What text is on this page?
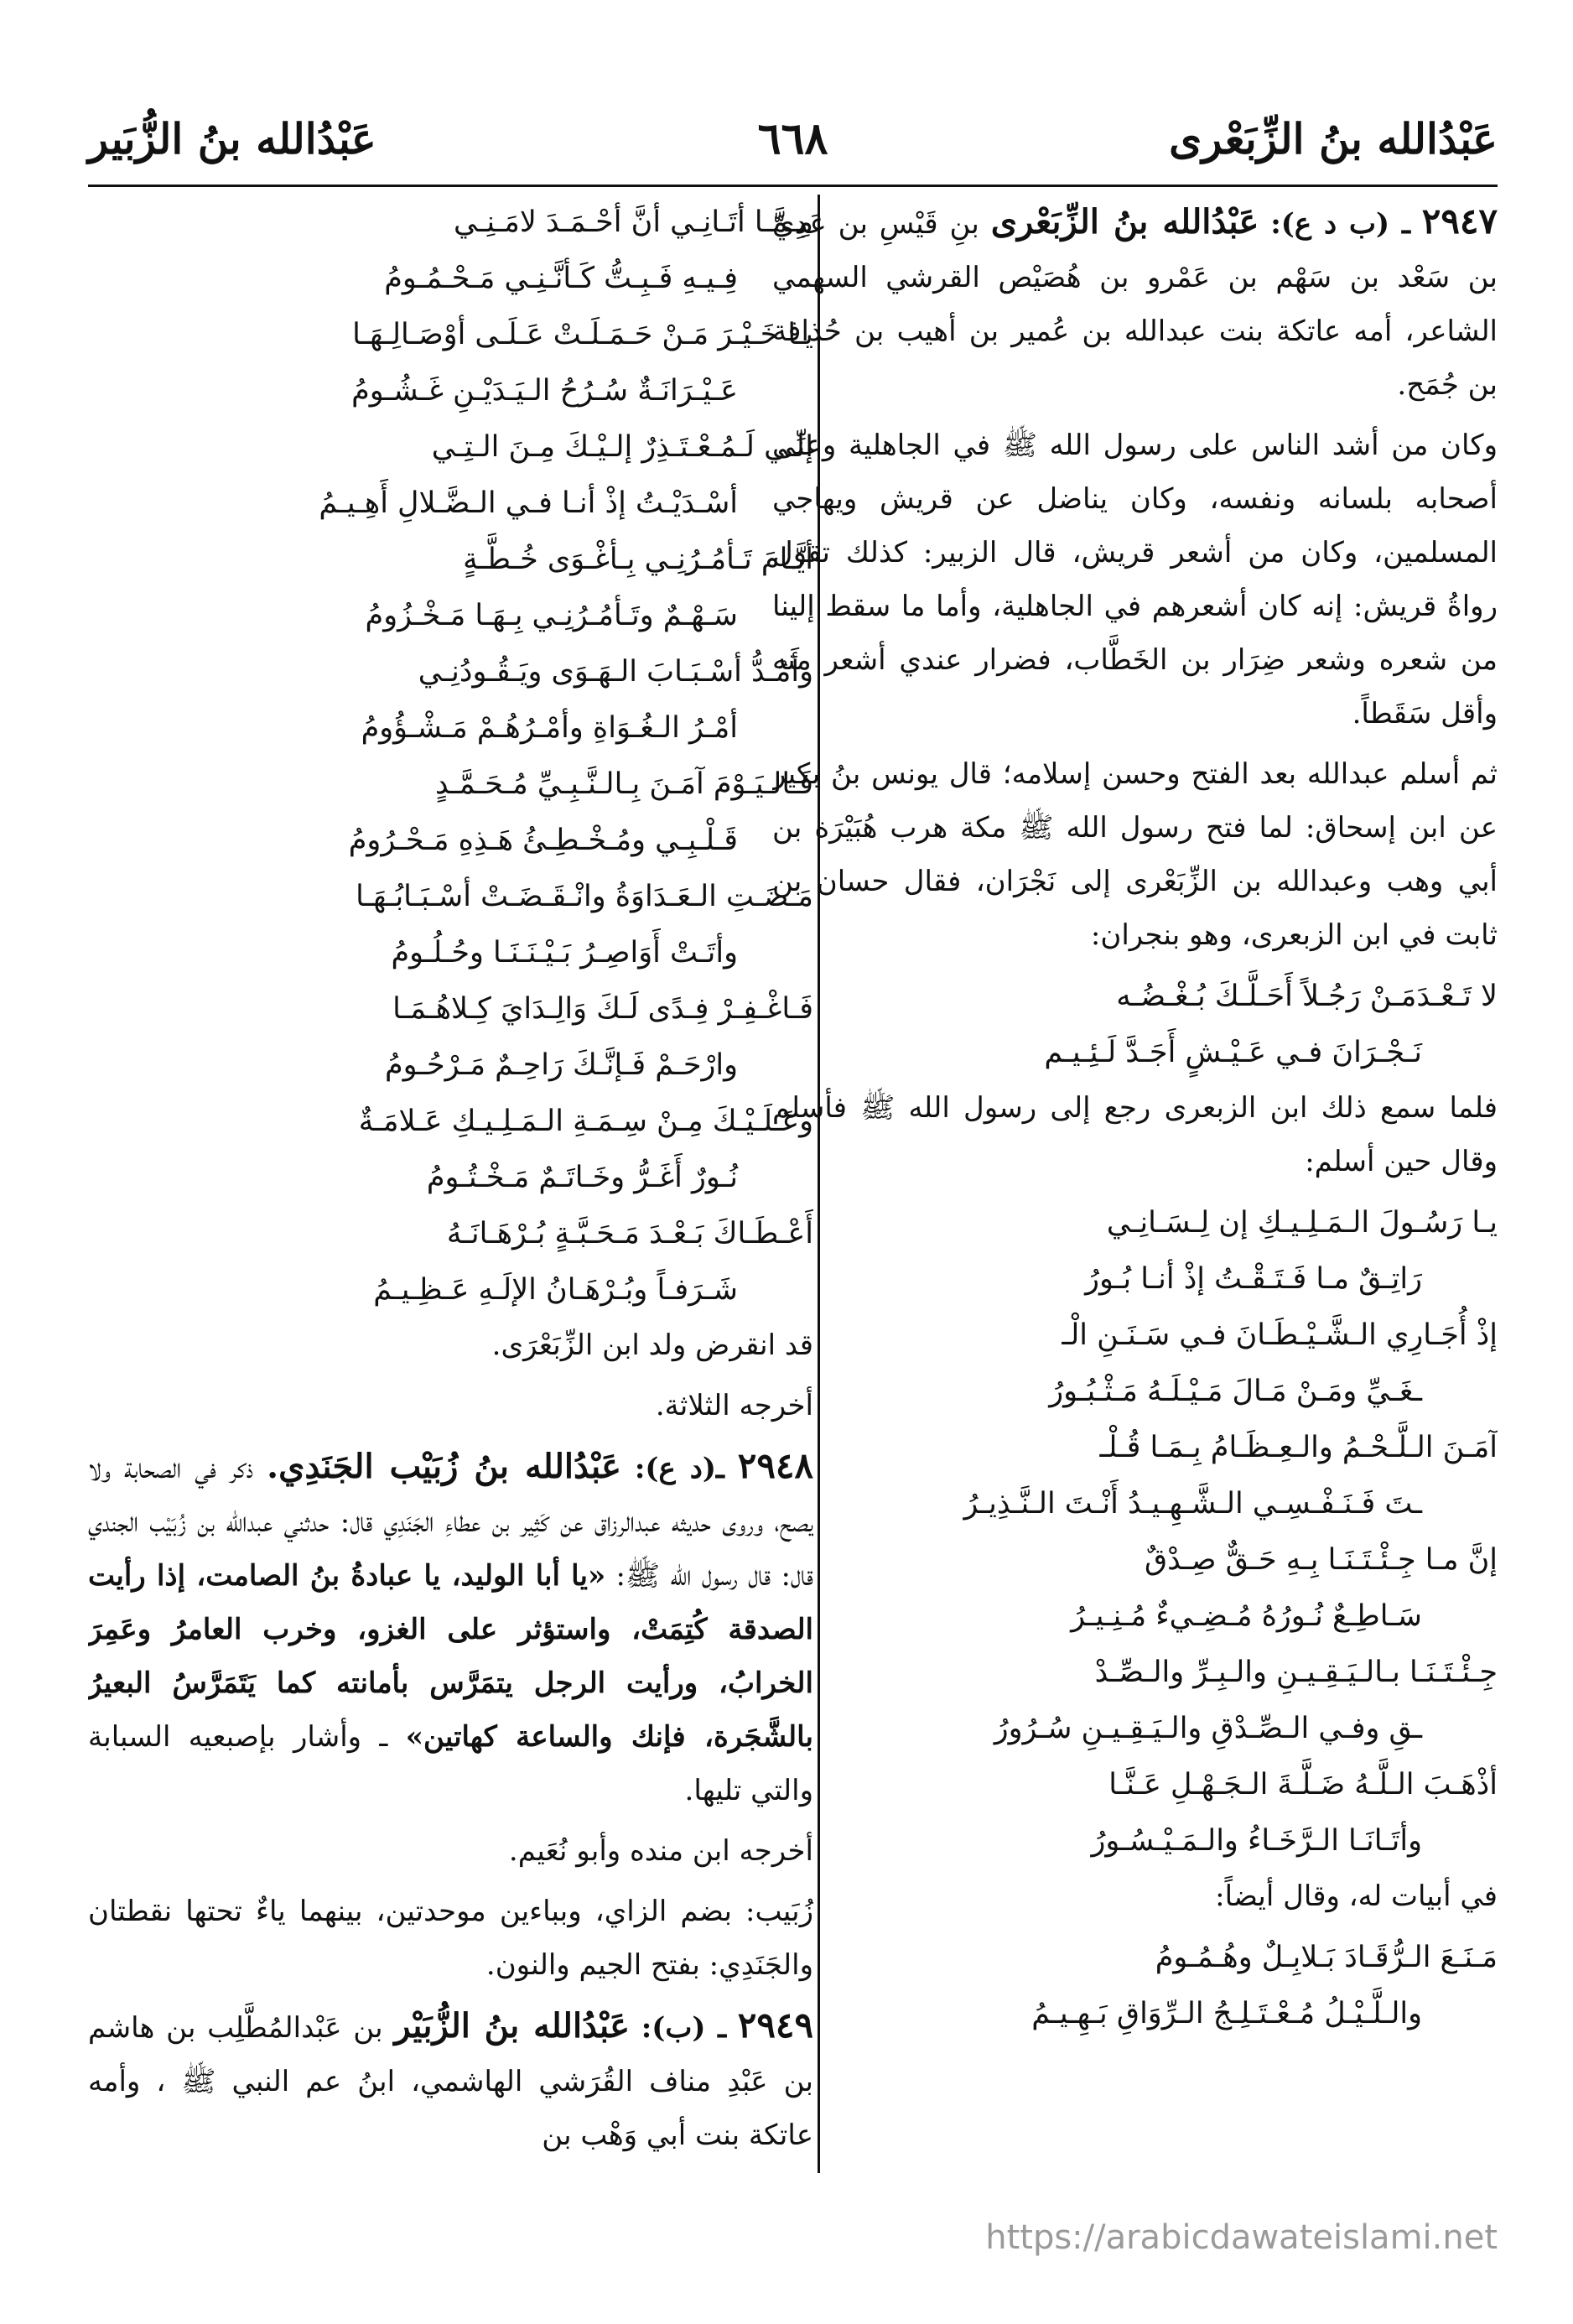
عَبْدُالله بنُ الزِّبَعْرى
٦٦٨
عَبْدُالله بنُ الزُّبَير

٢٩٤٧ ـ (ب د ع): عَبْدُالله بنُ الزِّبَعْرى بنِ قَيْسِ بن عَدِيّ بن سَعْد بن سَهْم بن عَمْرو بن هُصَيْص القرشي السهمي الشاعر، أمه عاتكة بنت عبدالله بن عُمير بن أهيب بن حُذافة بن جُمَح.

وكان من أشد الناس على رسول الله ﷺ في الجاهلية وعلى أصحابه بلسانه ونفسه، وكان يناضل عن قريش ويهاجي المسلمين، وكان من أشعر قريش، قال الزبير: كذلك تقول رواةُ قريش: إنه كان أشعرهم في الجاهلية، وأما ما سقط إلينا من شعره وشعر ضِرَار بن الخَطَّاب، فضرار عندي أشعر منه وأقل سَقَطاً.

ثم أسلم عبدالله بعد الفتح وحسن إسلامه؛ قال يونس بنُ بكير عن ابن إسحاق: لما فتح رسول الله ﷺ مكة هرب هُبَيْرَة بن أبي وهب وعبدالله بن الزِّبَعْرى إلى نَجْرَان، فقال حسان بن ثابت في ابن الزبعرى، وهو بنجران:

لا تَـعْـدَمَـنْ رَجُـلاً أَحَـلَّـكَ بُـغْـضُـه
نَـجْـرَانَ فـي عَـيْـشٍ أَجَـدَّ لَـئِـيـم

فلما سمع ذلك ابن الزبعرى رجع إلى رسول الله ﷺ فأسلم وقال حين أسلم:

يـا رَسُـولَ الـمَـلِـيـكِ إن لِـسَـانِـي
رَاتِـقٌ مـا فَـتَـقْـتُ إذْ أنـا بُـورُ
إذْ أُجَـارِي الـشَّـيْـطَـانَ فـي سَـنَـنِ الْـ
ـغَـيِّ ومَـنْ مَـالَ مَـيْـلَـهُ مَـثْـبُـورُ
آمَـنَ الـلَّـحْـمُ والـعِـظَـامُ بِـمَـا قُـلْـ
ـتَ فَـنَـفْـسِـي الـشَّـهِـيـدُ أَنْـتَ الـنَّـذِيـرُ
إنَّ مـا جِـئْـتَـنَـا بِـهِ حَـقٌّ صِـدْقٌ
سَـاطِـعٌ نُـورُهُ مُـضِـيءٌ مُـنِـيـرُ
جِـئْـتَـنَـا بـالـيَـقِـيـنِ والـبِـرِّ والـصِّـدْ
ـقِ وفـي الـصِّـدْقِ والـيَـقِـيـنِ سُـرُورُ
أذْهَـبَ الـلَّـهُ ضَـلَّـةَ الـجَـهْـلِ عَـنَّـا
وأتَـانَـا الـرَّخَـاءُ والـمَـيْـسُـورُ

في أبيات له، وقال أيضاً:

مَـنَـعَ الـرُّقَـادَ بَـلابِـلٌ وهُـمُـومُ
والـلَّـيْـلُ مُـعْـتَـلِـجُ الـرِّوَاقِ بَـهِـيـمُ
مِـمَّـا أتَـانِـي أنَّ أحْـمَـدَ لامَـنِـي
فِـيـهِ فَـبِـتُّ كَـأنَّـنِـي مَـحْـمُـومُ
يـا خَـيْـرَ مَـنْ حَـمَـلَـتْ عَـلَـى أوْصَـالِـهَـا
عَـيْـرَانَـةٌ سُـرُحُ الـيَـدَيْـنِ غَـشُـومُ
إنِّـي لَـمُـعْـتَـذِرٌ إلـيْـكَ مِـنَ الـتِـي
أسْـدَيْـتُ إذْ أنـا فـي الـضَّـلالِ أَهِـيـمُ
أيَّـامَ تَـأمُـرُنِـي بِـأغْـوَى خُـطَّـةٍ
سَـهْـمٌ وتَـأمُـرُنِـي بِـهَـا مَـخْـزُومُ
وأَمُـدُّ أسْـبَـابَ الـهَـوَى ويَـقُـودُنِـي
أمْـرُ الـغُـوَاةِ وأمْـرُهُـمْ مَـشْـؤُومُ
فَـالـيَـوْمَ آمَـنَ بِـالـنَّـبِـيِّ مُـحَـمَّـدٍ
قَـلْـبِـي ومُـخْـطِـئُ هَـذِهِ مَـحْـرُومُ
مَـضَـتِ الـعَـدَاوَةُ وانْـقَـضَـتْ أسْـبَـابُـهَـا
وأتَـتْ أَوَاصِـرُ بَـيْـنَـنَـا وحُـلُـومُ
فَـاغْـفِـرْ فِـدًى لَـكَ وَالِـدَايَ كِـلاهُـمَـا
وارْحَـمْ فَـإنَّـكَ رَاحِـمٌ مَـرْحُـومُ
وعَـلَـيْـكَ مِـنْ سِـمَـةِ الـمَـلِـيـكِ عَـلامَـةٌ
نُـورٌ أَغَـرُّ وخَـاتَـمٌ مَـخْـتُـومُ
أَعْـطَـاكَ بَـعْـدَ مَـحَـبَّـةٍ بُـرْهَـانَـهُ
شَـرَفـاً وبُـرْهَـانُ الإلَـهِ عَـظِـيـمُ

قد انقرض ولد ابن الزِّبَعْرَى.

أخرجه الثلاثة.

٢٩٤٨ ـ(د ع): عَبْدُالله بنُ زُبَيْب الجَنَدِي. ذكر في الصحابة ولا يصح، وروى حديثه عبدالرزاق عن كَثِير بن عطاءِ الجَنَدِي قال: حدثني عبدالله بن زُبَيْب الجندي قال: قال رسول الله ﷺ: «يا أبا الوليد، يا عبادةُ بنُ الصامت، إذا رأيت الصدقة كُتِمَتْ، واستؤثر على الغزو، وخرب العامرُ وعَمِرَ الخرابُ، ورأيت الرجل يتمَرَّس بأمانته كما يَتَمَرَّسُ البعيرُ بالشَّجَرة، فإنك والساعة كهاتين» ـ وأشار بإصبعيه السبابة والتي تليها.

أخرجه ابن منده وأبو نُعَيم.

زُبَيب: بضم الزاي، وبباءين موحدتين، بينهما ياءٌ تحتها نقطتان والجَنَدِي: بفتح الجيم والنون.

٢٩٤٩ ـ (ب): عَبْدُالله بنُ الزُّبَيْر بن عَبْدالمُطَّلِب بن هاشم بن عَبْدِ مناف القُرَشي الهاشمي، ابنُ عم النبي ﷺ ، وأمه عاتكة بنت أبي وَهْب بن

https://arabicdawateislami.net
